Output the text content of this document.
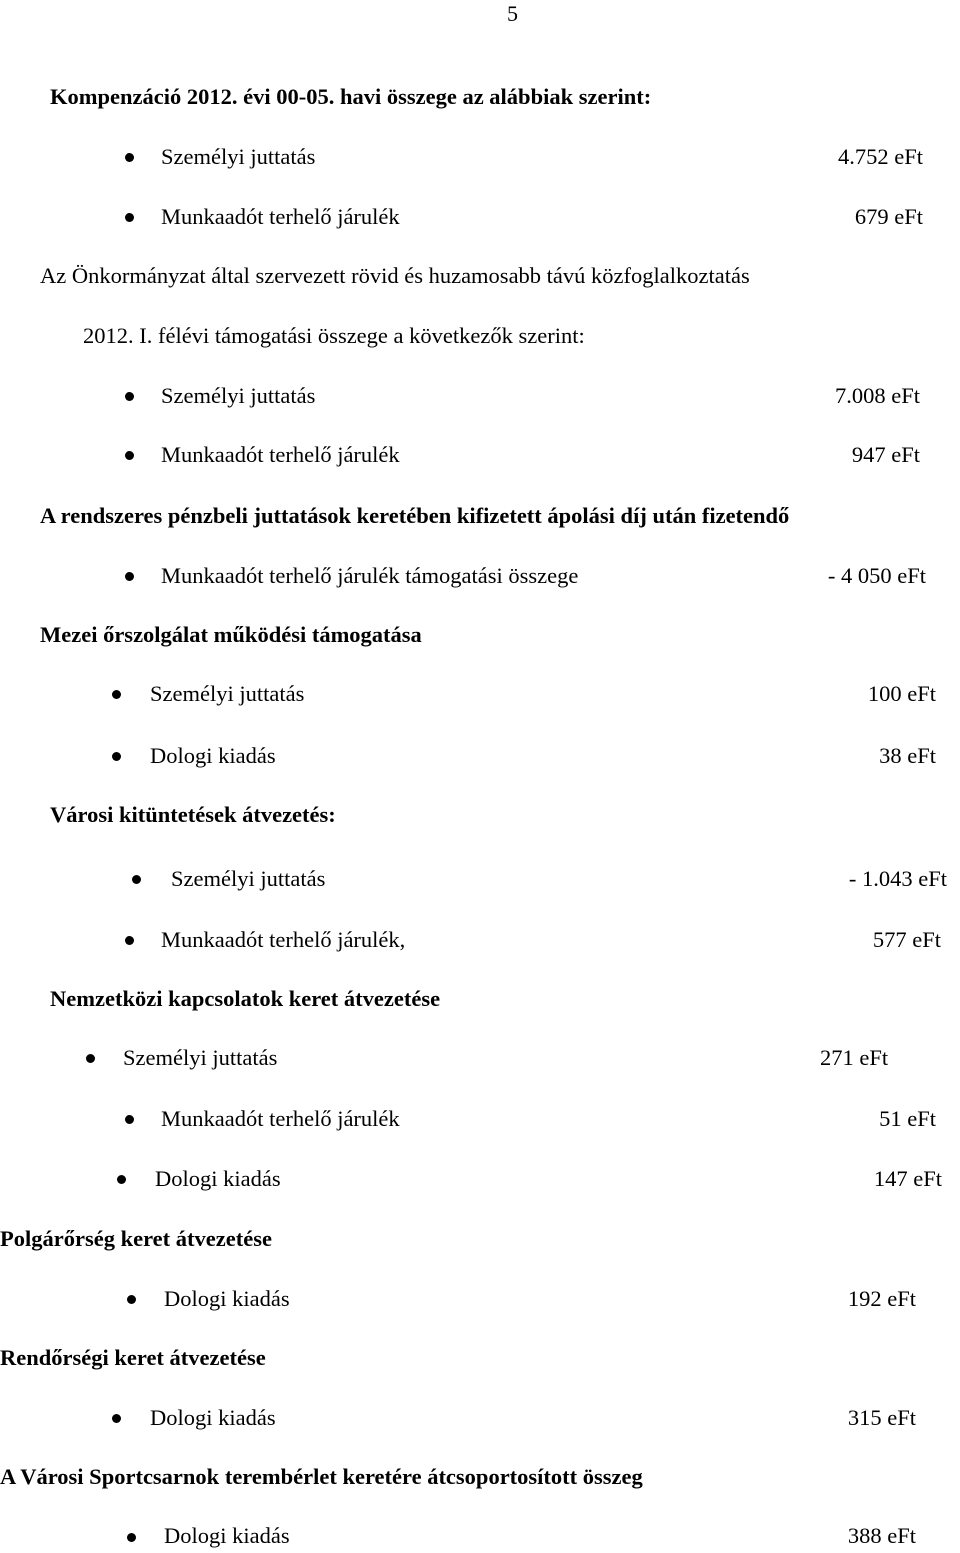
5
Kompenzáció 2012. évi 00-05. havi összege az alábbiak szerint:
Személyi juttatás	4.752 eFt
Munkaadót terhelő járulék	679 eFt
Az Önkormányzat által szervezett rövid és huzamosabb távú közfoglalkoztatás
2012. I. félévi támogatási összege a következők szerint:
Személyi juttatás	7.008 eFt
Munkaadót terhelő járulék	947 eFt
A rendszeres pénzbeli juttatások keretében kifizetett ápolási díj után fizetendő
Munkaadót terhelő járulék támogatási összege	- 4 050 eFt
Mezei őrszolgálat működési támogatása
Személyi juttatás	100 eFt
Dologi kiadás	38 eFt
Városi kitüntetések átvezetés:
Személyi juttatás	- 1.043 eFt
Munkaadót terhelő járulék,	577 eFt
Nemzetközi kapcsolatok keret átvezetése
Személyi juttatás	271 eFt
Munkaadót terhelő járulék	51 eFt
Dologi kiadás	147 eFt
Polgárőrség keret átvezetése
Dologi kiadás	192 eFt
Rendőrségi keret átvezetése
Dologi kiadás	315 eFt
A Városi Sportcsarnok terembérlet keretére átcsoportosított összeg
Dologi kiadás	388 eFt
